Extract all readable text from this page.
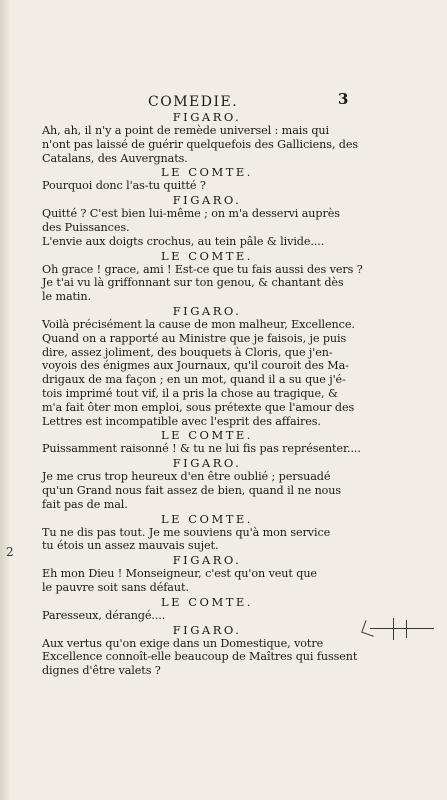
COMEDIE.	3

FIGARO.

Ah, ah, il n'y a point de remède universel : mais qui

n'ont pas laissé de guérir quelquefois des Galliciens, des

Catalans, des Auvergnats.

LE COMTE.

Pourquoi donc l'as-tu quitté ?

FIGARO.

Quitté ? C'est bien lui-même ; on m'a desservi auprès

des Puissances.

L'envie aux doigts crochus, au tein pâle & livide....

LE COMTE.

Oh grace ! grace, ami ! Est-ce que tu fais aussi des vers ?

Je t'ai vu là griffonnant sur ton genou, & chantant dès

le matin.

FIGARO.

Voilà précisément la cause de mon malheur, Excellence.

Quand on a rapporté au Ministre que je faisois, je puis

dire, assez joliment, des bouquets à Cloris, que j'en-

voyois des énigmes aux Journaux, qu'il couroit des Ma-

drigaux de ma façon ; en un mot, quand il a su que j'é-

tois imprimé tout vif, il a pris la chose au tragique, &

m'a fait ôter mon emploi, sous prétexte que l'amour des

Lettres est incompatible avec l'esprit des affaires.

LE COMTE.

Puissamment raisonné ! & tu ne lui fis pas représenter....

FIGARO.

Je me crus trop heureux d'en être oublié ; persuadé

qu'un Grand nous fait assez de bien, quand il ne nous

fait pas de mal.

LE COMTE.

Tu ne dis pas tout. Je me souviens qu'à mon service

tu étois un assez mauvais sujet.

FIGARO.

Eh mon Dieu ! Monseigneur, c'est qu'on veut que

le pauvre soit sans défaut.

LE COMTE.

Paresseux, dérangé....

FIGARO.

Aux vertus qu'on exige dans un Domestique, votre

Excellence connoît-elle beaucoup de Maîtres qui fussent

dignes d'être valets ?

2
